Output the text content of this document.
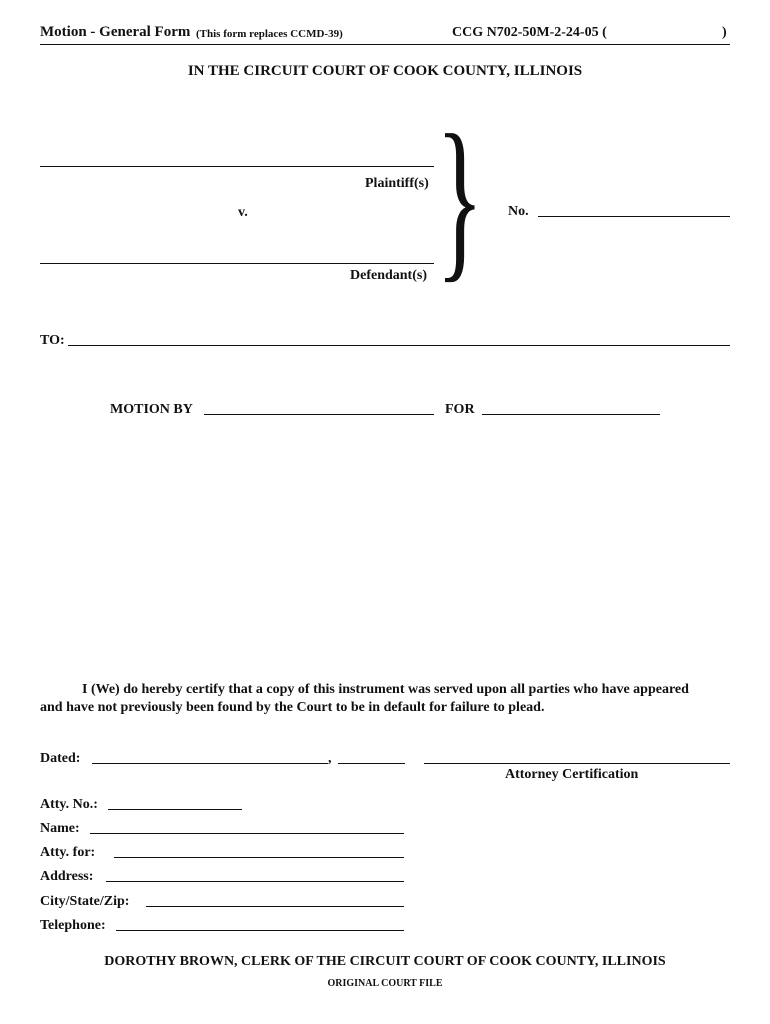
Motion - General Form (This form replaces CCMD-39)	CCG N702-50M-2-24-05 (	)
IN THE CIRCUIT COURT OF COOK COUNTY, ILLINOIS
Plaintiff(s)
v.
Defendant(s) } No.
TO:
MOTION BY	FOR
I (We) do hereby certify that a copy of this instrument was served upon all parties who have appeared
and have not previously been found by the Court to be in default for failure to plead.
Dated:	,
Attorney Certification
Atty. No.:
Name:
Atty. for:
Address:
City/State/Zip:
Telephone:
DOROTHY BROWN, CLERK OF THE CIRCUIT COURT OF COOK COUNTY, ILLINOIS
ORIGINAL COURT FILE
